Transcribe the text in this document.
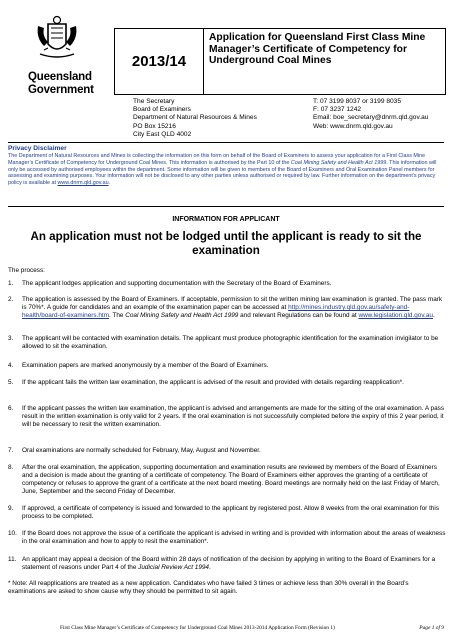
Queensland
Government
2013/14
Application for Queensland First Class Mine Manager’s Certificate of Competency for Underground Coal Mines
The Secretary
Board of Examiners
Department of Natural Resources & Mines
PO Box 15216
City East QLD 4002
T: 07 3199 8037 or 3199 8035
F: 07 3237 1242
Email: boe_secretary@dnrm.qld.gov.au
Web: www.dnrm.qld.gov.au
Privacy Disclaimer
The Department of Natural Resources and Mines is collecting the information on this form on behalf of the Board of Examiners to assess your application for a First Class Mine Manager’s Certificate of Competency for Underground Coal Mines. This information is authorised by the Part 10 of the Coal Mining Safety and Health Act 1999. This information will only be accessed by authorised employees within the department. Some information will be given to members of the Board of Examiners and Oral Examination Panel members for assessing and examining purposes. Your information will not be disclosed to any other parties unless authorised or required by law. Further information on the department’s privacy policy is available at www.dnrm.qld.gov.au.
INFORMATION FOR APPLICANT
An application must not be lodged until the applicant is ready to sit the examination
The process:
1.	The applicant lodges application and supporting documentation with the Secretary of the Board of Examiners.
2.	The application is assessed by the Board of Examiners. If acceptable, permission to sit the written mining law examination is granted. The pass mark is 70%*. A guide for candidates and an example of the examination paper can be accessed at http://mines.industry.qld.gov.au/safety-and-health/board-of-examiners.htm. The Coal Mining Safety and Health Act 1999 and relevant Regulations can be found at www.legislation.qld.gov.au.
3.	The applicant will be contacted with examination details. The applicant must produce photographic identification for the examination invigilator to be allowed to sit the examination.
4.	Examination papers are marked anonymously by a member of the Board of Examiners.
5.	If the applicant fails the written law examination, the applicant is advised of the result and provided with details regarding reapplication*.
6.	If the applicant passes the written law examination, the applicant is advised and arrangements are made for the sitting of the oral examination. A pass result in the written examination is only valid for 2 years. If the oral examination is not successfully completed before the expiry of this 2 year period, it will be necessary to resit the written examination.
7.	Oral examinations are normally scheduled for February, May, August and November.
8.	After the oral examination, the application, supporting documentation and examination results are reviewed by members of the Board of Examiners and a decision is made about the granting of a certificate of competency. The Board of Examiners either approves the granting of a certificate of competency or refuses to approve the grant of a certificate at the next board meeting. Board meetings are normally held on the last Friday of March, June, September and the second Friday of December.
9.	If approved, a certificate of competency is issued and forwarded to the applicant by registered post. Allow 8 weeks from the oral examination for this process to be completed.
10. If the Board does not approve the issue of a certificate the applicant is advised in writing and is provided with information about the areas of weakness in the oral examination and how to apply to resit the examination*.
11. An applicant may appeal a decision of the Board within 28 days of notification of the decision by applying in writing to the Board of Examiners for a statement of reasons under Part 4 of the Judicial Review Act 1994.
* Note: All reapplications are treated as a new application. Candidates who have failed 3 times or achieve less than 30% overall in the Board’s examinations are asked to show cause why they should be permitted to sit again.
First Class Mine Manager’s Certificate of Competency for Underground Coal Mines 2013-2014 Application Form (Revision 1)	Page 1 of 9
